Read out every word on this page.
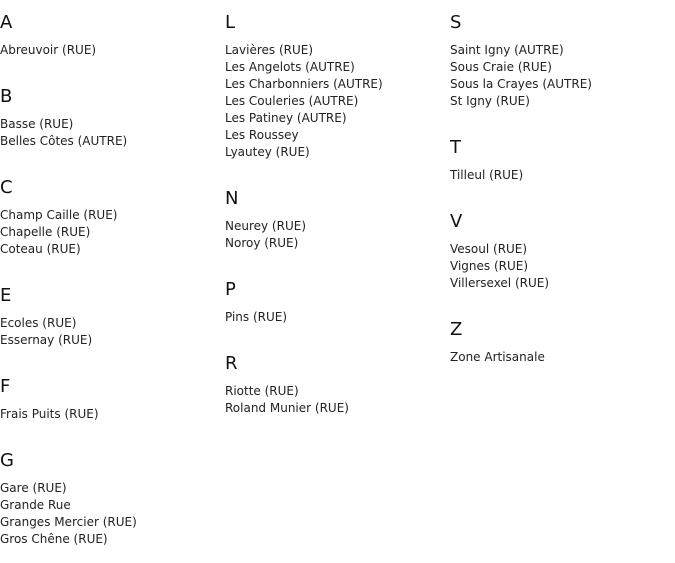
A
Abreuvoir (RUE)
B
Basse (RUE)
Belles Côtes (AUTRE)
C
Champ Caille (RUE)
Chapelle (RUE)
Coteau (RUE)
E
Ecoles (RUE)
Essernay (RUE)
F
Frais Puits (RUE)
G
Gare (RUE)
Grande Rue
Granges Mercier (RUE)
Gros Chêne (RUE)
L
Lavières (RUE)
Les Angelots (AUTRE)
Les Charbonniers (AUTRE)
Les Couleries (AUTRE)
Les Patiney (AUTRE)
Les Roussey
Lyautey (RUE)
N
Neurey (RUE)
Noroy (RUE)
P
Pins (RUE)
R
Riotte (RUE)
Roland Munier (RUE)
S
Saint Igny (AUTRE)
Sous Craie (RUE)
Sous la Crayes (AUTRE)
St Igny (RUE)
T
Tilleul (RUE)
V
Vesoul (RUE)
Vignes (RUE)
Villersexel (RUE)
Z
Zone Artisanale
